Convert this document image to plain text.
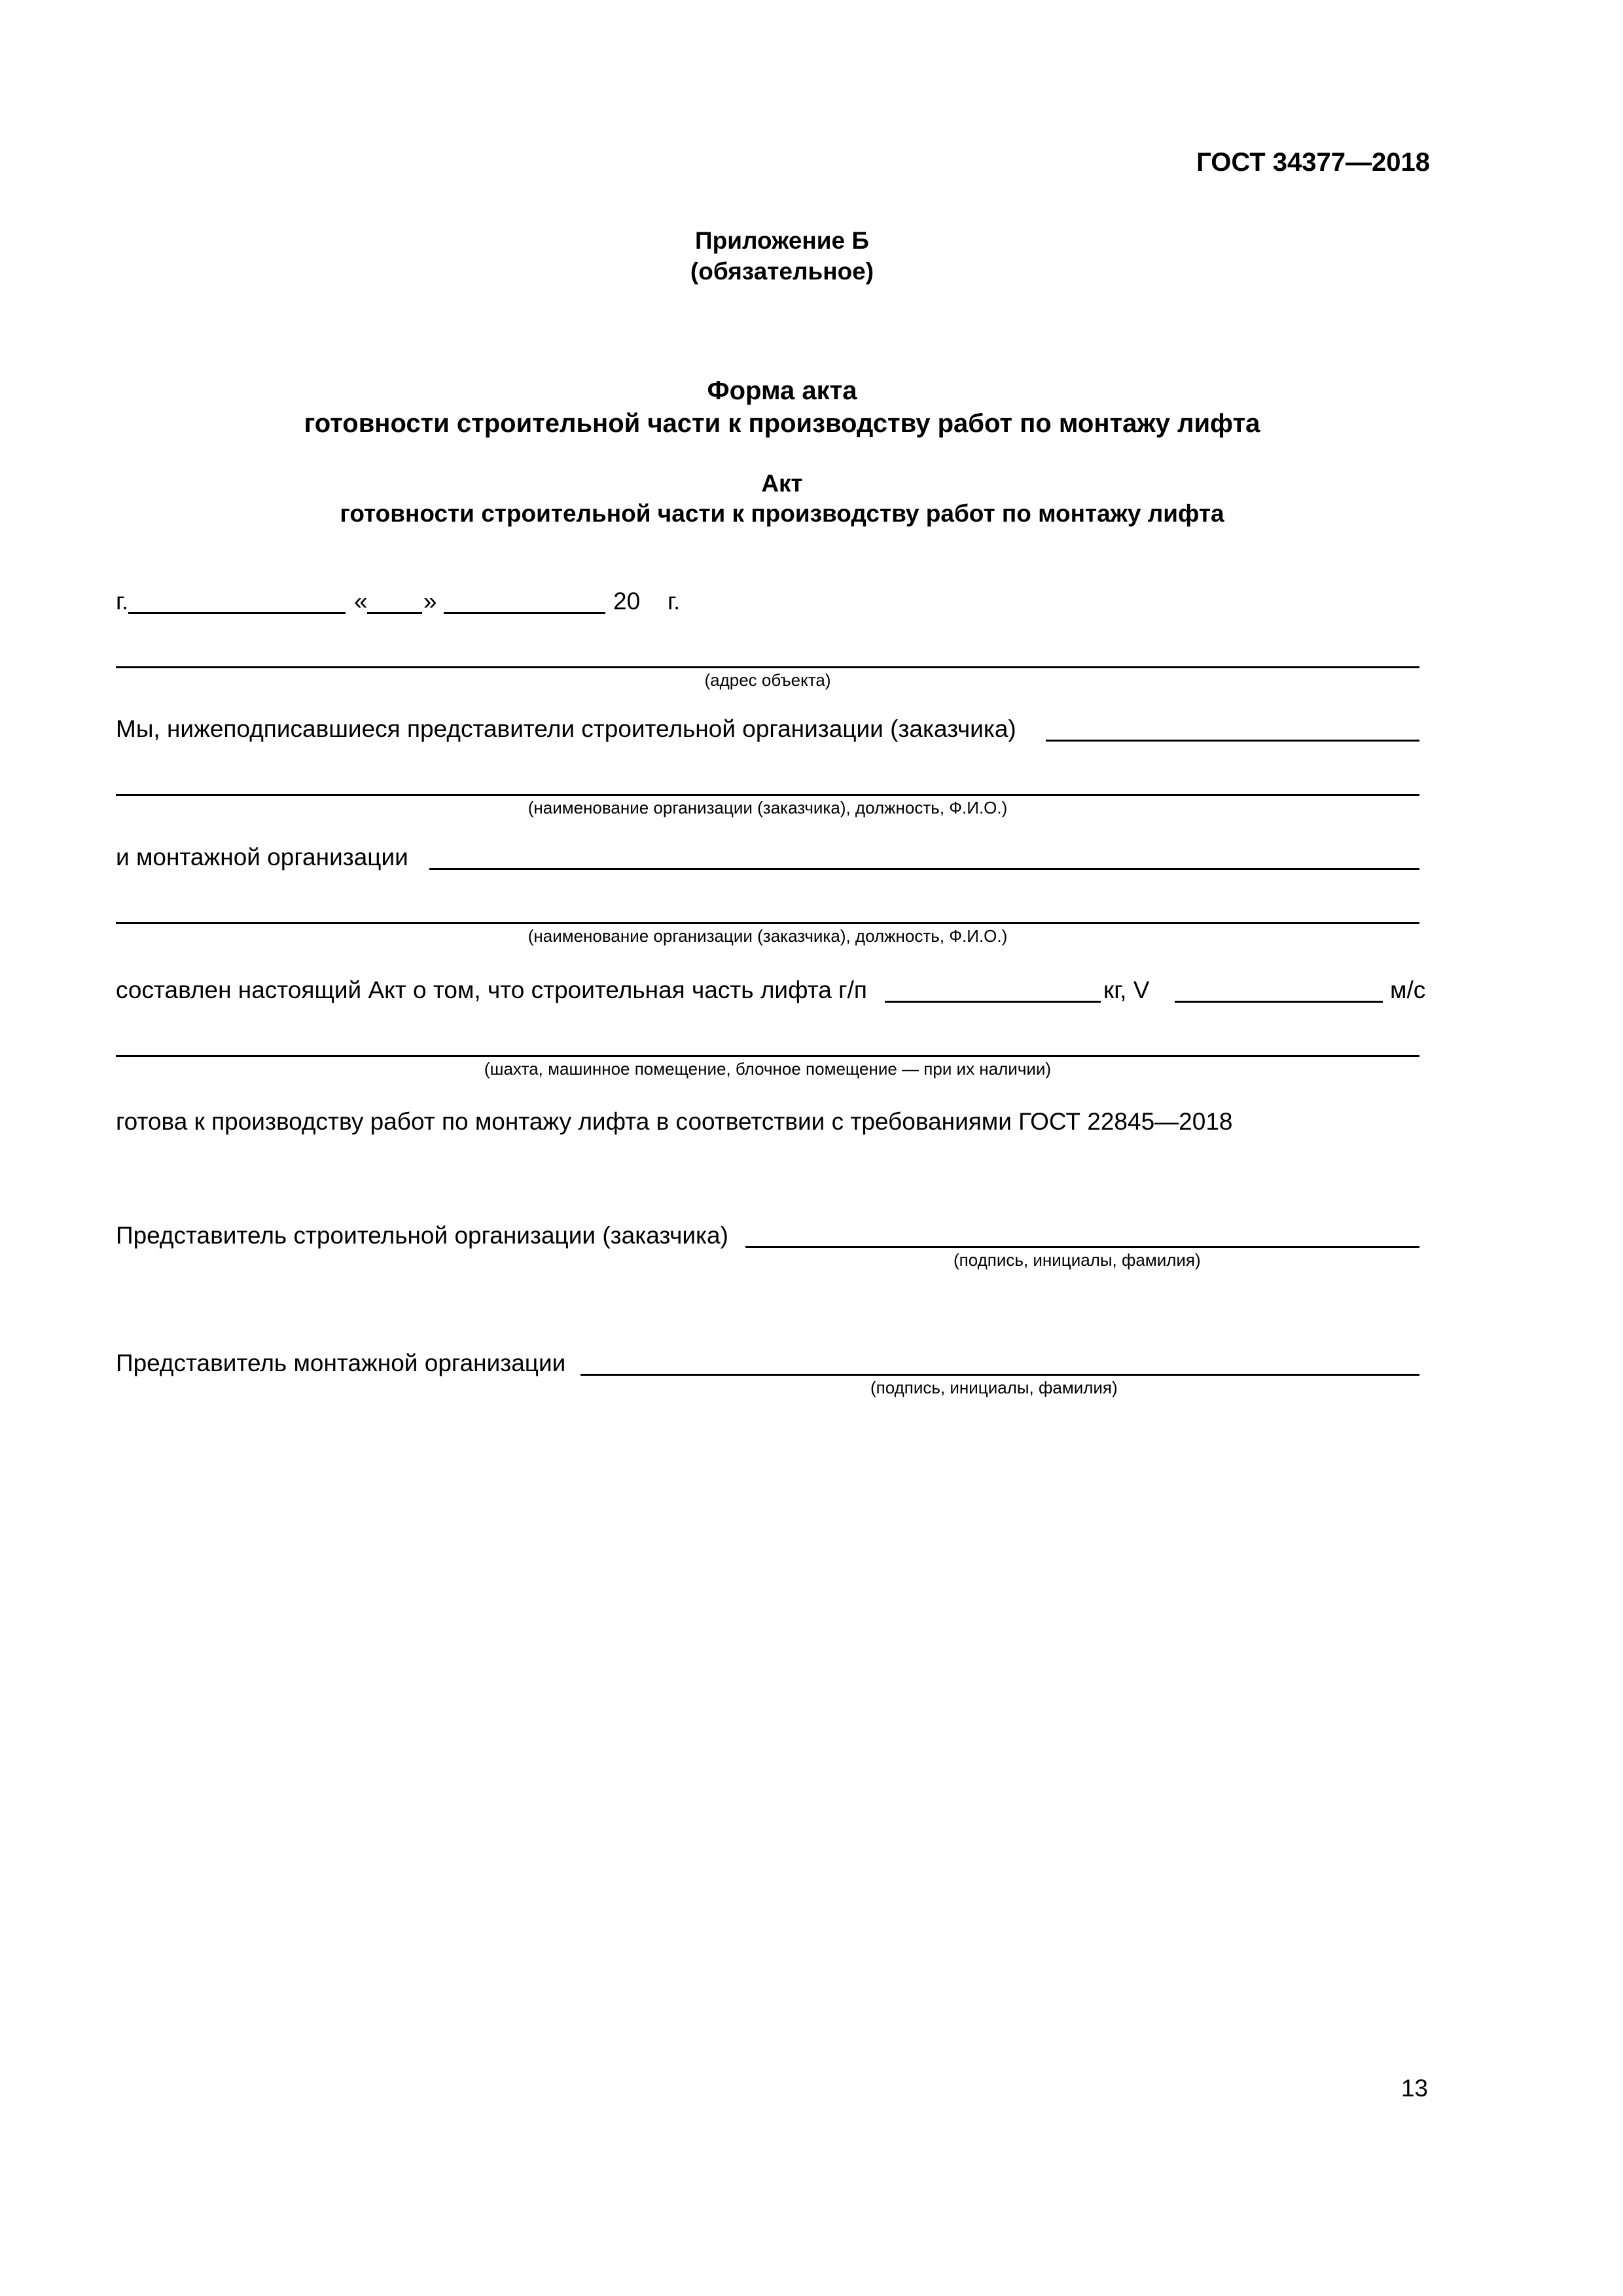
ГОСТ 34377—2018
Приложение Б
(обязательное)
Форма акта
готовности строительной части к производству работ по монтажу лифта
Акт
готовности строительной части к производству работ по монтажу лифта
г.	« »	20 г.
(адрес объекта)
Мы, нижеподписавшиеся представители строительной организации (заказчика)
(наименование организации (заказчика), должность, Ф.И.О.)
и монтажной организации
(наименование организации (заказчика), должность, Ф.И.О.)
составлен настоящий Акт о том, что строительная часть лифта г/п	кг, V	м/с
(шахта, машинное помещение, блочное помещение — при их наличии)
готова к производству работ по монтажу лифта в соответствии с требованиями ГОСТ 22845—2018
Представитель строительной организации (заказчика)
(подпись, инициалы, фамилия)
Представитель монтажной организации
(подпись, инициалы, фамилия)
13
